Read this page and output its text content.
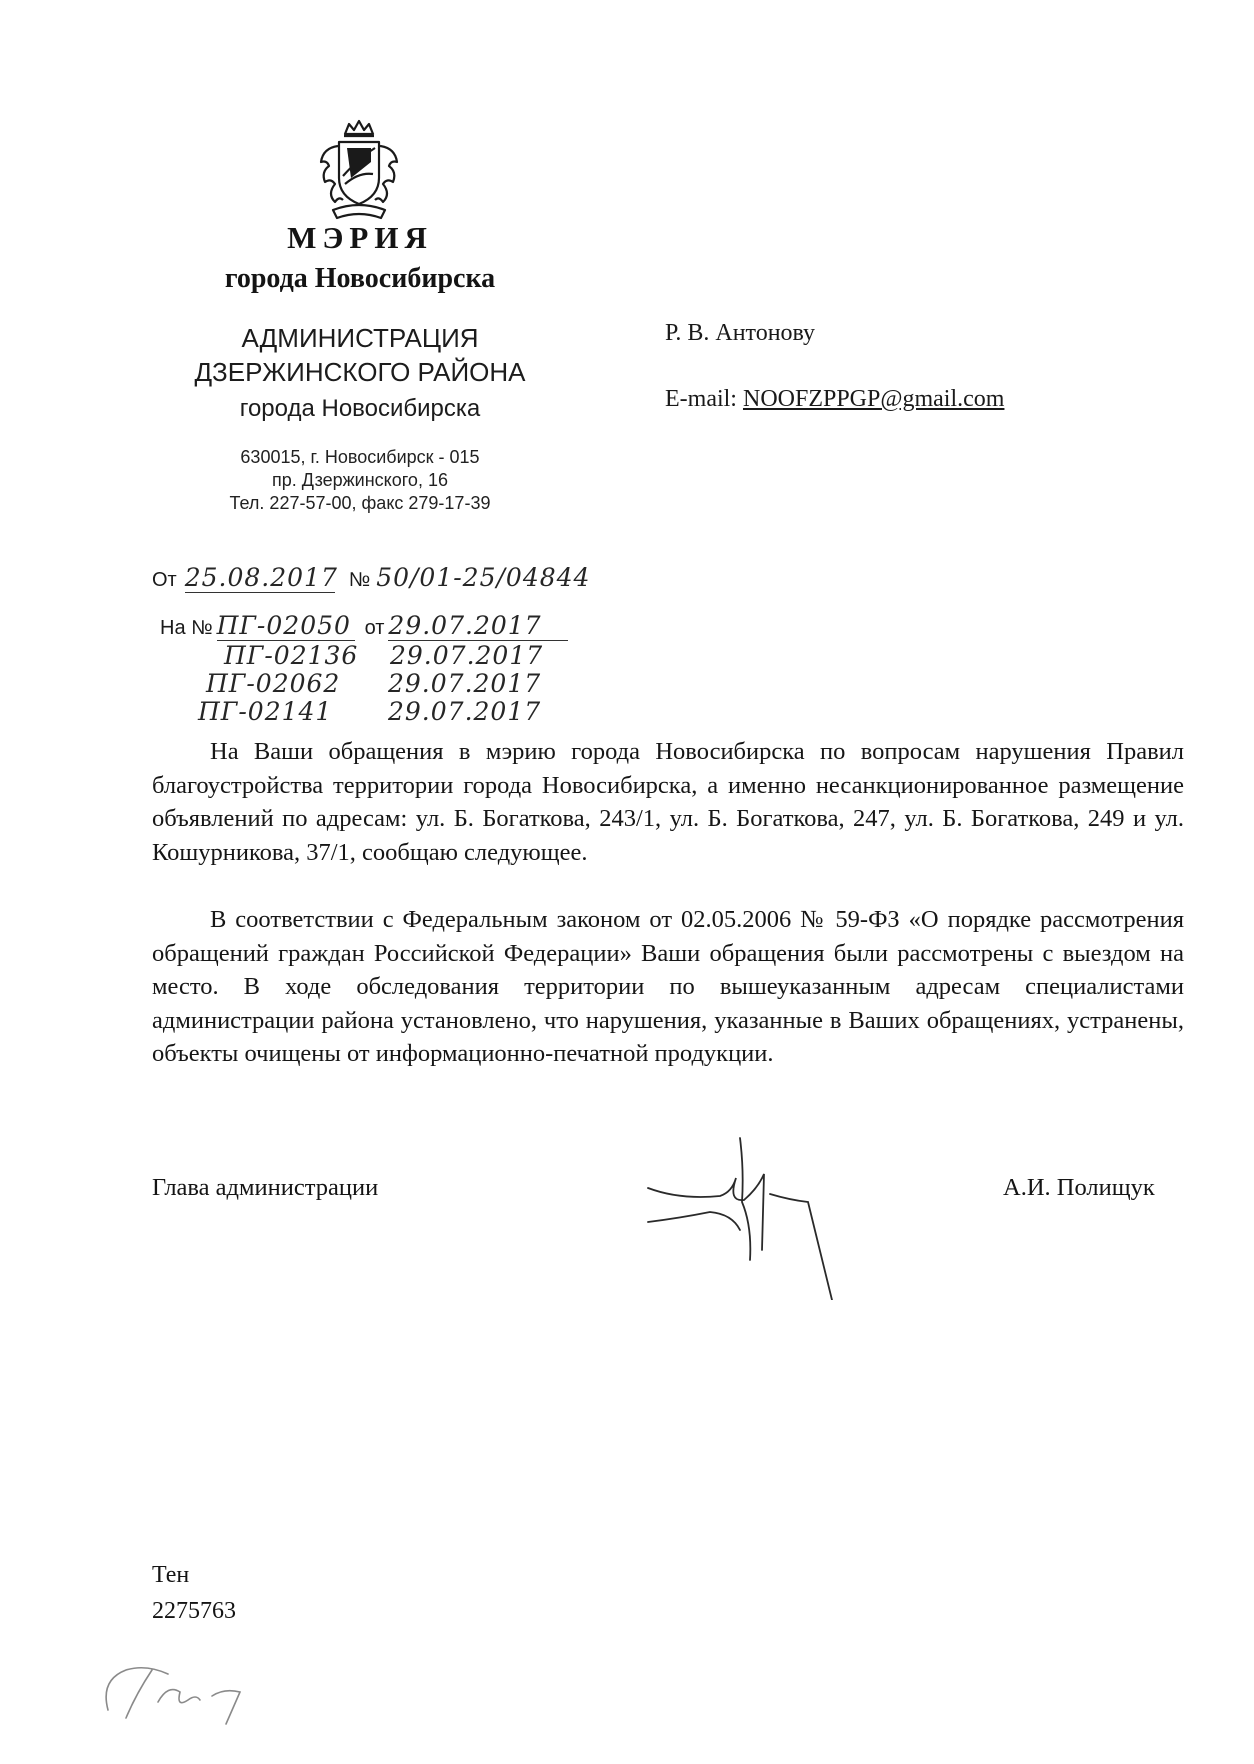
МЭРИЯ
города Новосибирска
АДМИНИСТРАЦИЯ
ДЗЕРЖИНСКОГО РАЙОНА
города Новосибирска
630015, г. Новосибирск - 015
пр. Дзержинского, 16
Тел. 227-57-00, факс 279-17-39
Р. В. Антонову
E-mail: NOOFZPPGP@gmail.com
От 25.08.2017 № 50/01-25/04844
На № ПГ-02050 от 29.07.2017
ПГ-02136 29.07.2017
ПГ-02062 29.07.2017
ПГ-02141 29.07.2017
На Ваши обращения в мэрию города Новосибирска по вопросам нарушения Правил благоустройства территории города Новосибирска, а именно несанкционированное размещение объявлений по адресам: ул. Б. Богаткова, 243/1, ул. Б. Богаткова, 247, ул. Б. Богаткова, 249 и ул. Кошурникова, 37/1, сообщаю следующее.
В соответствии с Федеральным законом от 02.05.2006 № 59-ФЗ «О порядке рассмотрения обращений граждан Российской Федерации» Ваши обращения были рассмотрены с выездом на место. В ходе обследования территории по вышеуказанным адресам специалистами администрации района установлено, что нарушения, указанные в Ваших обращениях, устранены, объекты очищены от информационно-печатной продукции.
Глава администрации	А.И. Полищук
Тен
2275763
